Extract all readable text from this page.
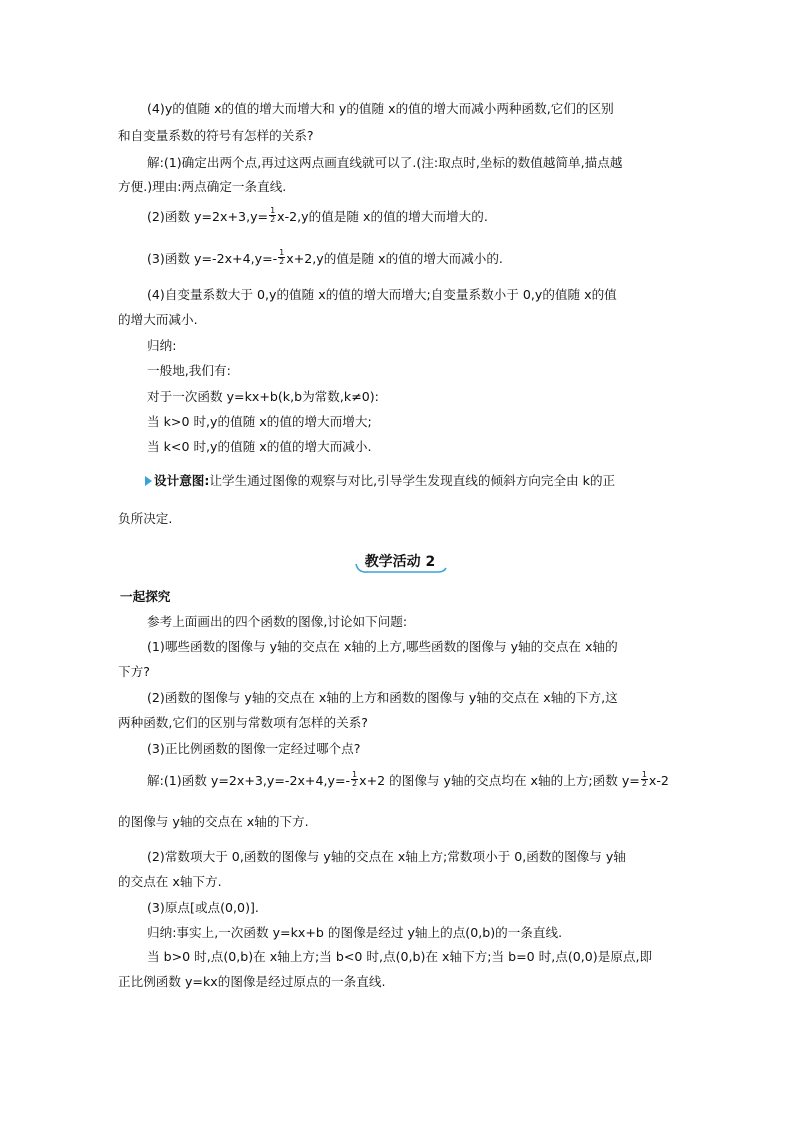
(4)y的值随 x的值的增大而增大和 y的值随 x的值的增大而减小两种函数,它们的区别
和自变量系数的符号有怎样的关系?
解:(1)确定出两个点,再过这两点画直线就可以了.(注:取点时,坐标的数值越简单,描点越
方便.)理由:两点确定一条直线.
(2)函数 $y=2x+3,y= \frac{1}{2} x-2,y$的值是随 x的值的增大而增大的.
(3)函数 $y=-2x+4,y=- \frac{1}{2} x+2,y$的值是随 x的值的增大而减小的.
(4)自变量系数大于 0,y的值随 x的值的增大而增大;自变量系数小于 0,y的值随 x的值
的增大而减小.
归纳:
一般地,我们有:
对于一次函数 y=kx+b(k,b为常数,k≠0):
当 k>0 时,y的值随 x的值的增大而增大;
当 k<0 时,y的值随 x的值的增大而减小.
设计意图:让学生通过图像的观察与对比,引导学生发现直线的倾斜方向完全由 k的正
负所决定.
教学活动 2
一起探究
参考上面画出的四个函数的图像,讨论如下问题:
(1)哪些函数的图像与 y轴的交点在 x轴的上方,哪些函数的图像与 y轴的交点在 x轴的
下方?
(2)函数的图像与 y轴的交点在 x轴的上方和函数的图像与 y轴的交点在 x轴的下方,这
两种函数,它们的区别与常数项有怎样的关系?
(3)正比例函数的图像一定经过哪个点?
解:(1)函数 $y=2x+3,y=-2x+4,y=- \frac{1}{2} x+2$ 的图像与 y轴的交点均在 x轴的上方;函数 $y= \frac{1}{2} x-2$
的图像与 y轴的交点在 x轴的下方.
(2)常数项大于 0,函数的图像与 y轴的交点在 x轴上方;常数项小于 0,函数的图像与 y轴
的交点在 x轴下方.
(3)原点[或点(0,0)].
归纳:事实上,一次函数 y=kx+b 的图像是经过 y轴上的点(0,b)的一条直线.
当 b>0 时,点(0,b)在 x轴上方;当 b<0 时,点(0,b)在 x轴下方;当 b=0 时,点(0,0)是原点,即
正比例函数 y=kx的图像是经过原点的一条直线.
